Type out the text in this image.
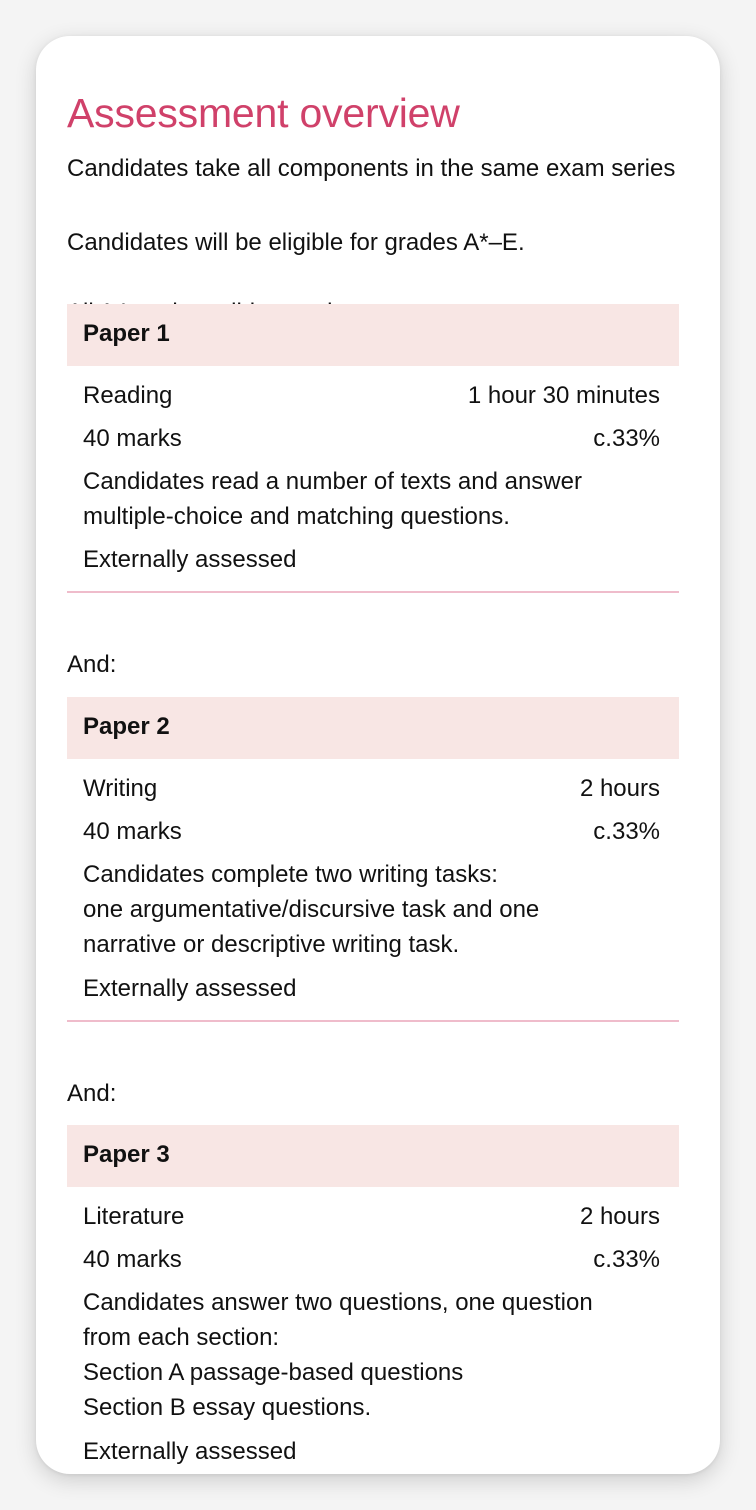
Assessment overview

Candidates take all components in the same exam series

Candidates will be eligible for grades A*–E.

Paper 1
Reading	1 hour 30 minutes
40 marks	c.33%
Candidates read a number of texts and answer
multiple-choice and matching questions.
Externally assessed

And:

Paper 2
Writing	2 hours
40 marks	c.33%
Candidates complete two writing tasks:
one argumentative/discursive task and one
narrative or descriptive writing task.
Externally assessed

And:

Paper 3
Literature	2 hours
40 marks	c.33%
Candidates answer two questions, one question
from each section:
Section A passage-based questions
Section B essay questions.
Externally assessed
